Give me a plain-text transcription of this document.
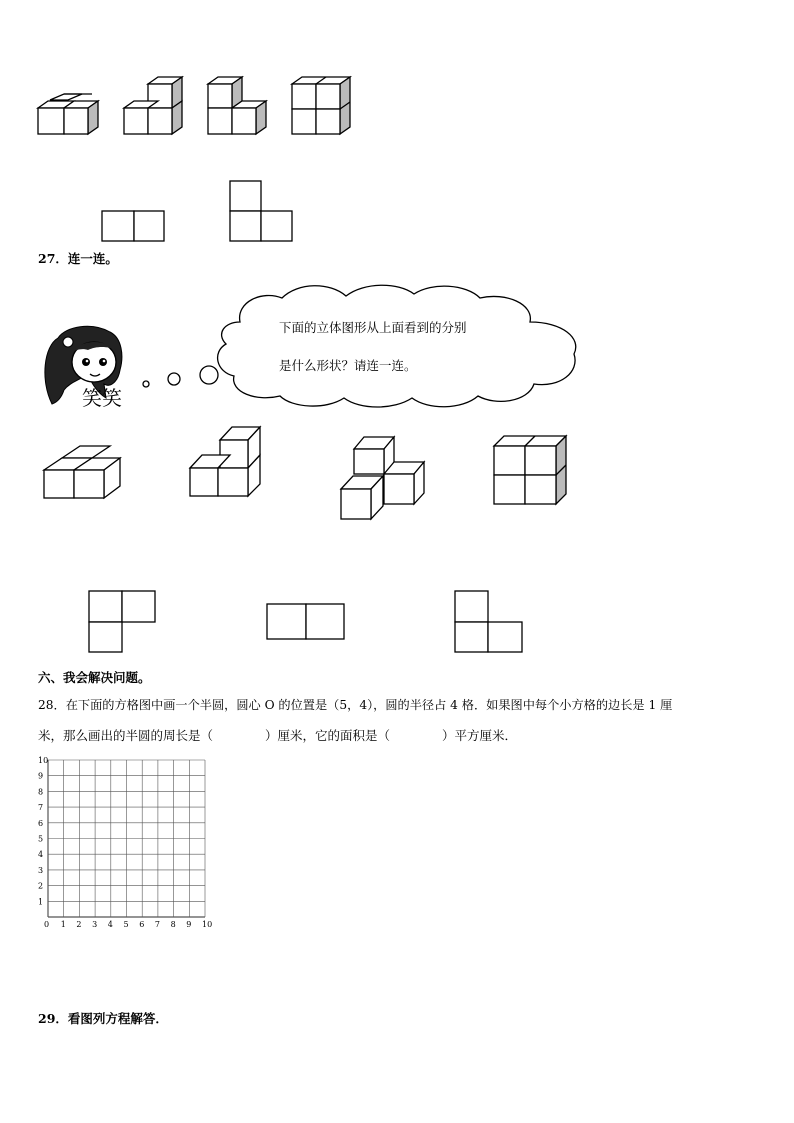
27．连一连。
笑笑
下面的立体图形从上面看到的分别
是什么形状？请连一连。
六、我会解决问题。
28．在下面的方格图中画一个半圆，圆心 O 的位置是（5，4），圆的半径占 4 格．如果图中每个小方格的边长是 1 厘
米，那么画出的半圆的周长是（	）厘米，它的面积是（	）平方厘米．
0 1 2 3 4 5 6 7 8 9 10
10
9
8
7
6
5
4
3
2
1
29．看图列方程解答．
